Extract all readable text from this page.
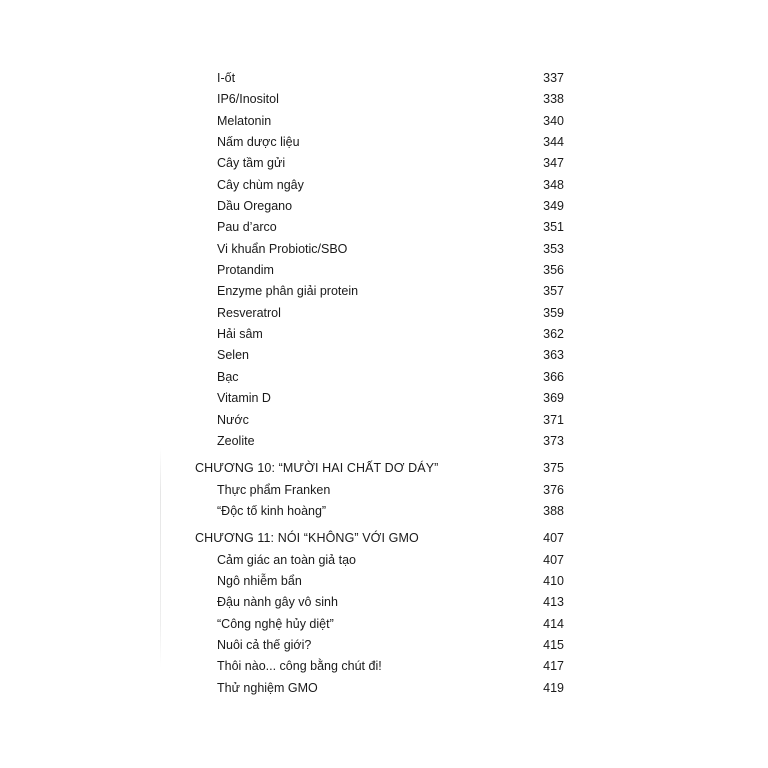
I-ốt	337
IP6/Inositol	338
Melatonin	340
Nấm dược liệu	344
Cây tầm gửi	347
Cây chùm ngây	348
Dầu Oregano	349
Pau d’arco	351
Vi khuẩn Probiotic/SBO	353
Protandim	356
Enzyme phân giải protein	357
Resveratrol	359
Hải sâm	362
Selen	363
Bạc	366
Vitamin D	369
Nước	371
Zeolite	373
CHƯƠNG 10: “MƯỜI HAI CHẤT DƠ DÁY”	375
Thực phẩm Franken	376
“Độc tố kinh hoàng”	388
CHƯƠNG 11: NÓI “KHÔNG” VỚI GMO	407
Cảm giác an toàn giả tạo	407
Ngô nhiễm bẩn	410
Đậu nành gây vô sinh	413
“Công nghệ hủy diệt”	414
Nuôi cả thế giới?	415
Thôi nào... công bằng chút đi!	417
Thử nghiệm GMO	419
